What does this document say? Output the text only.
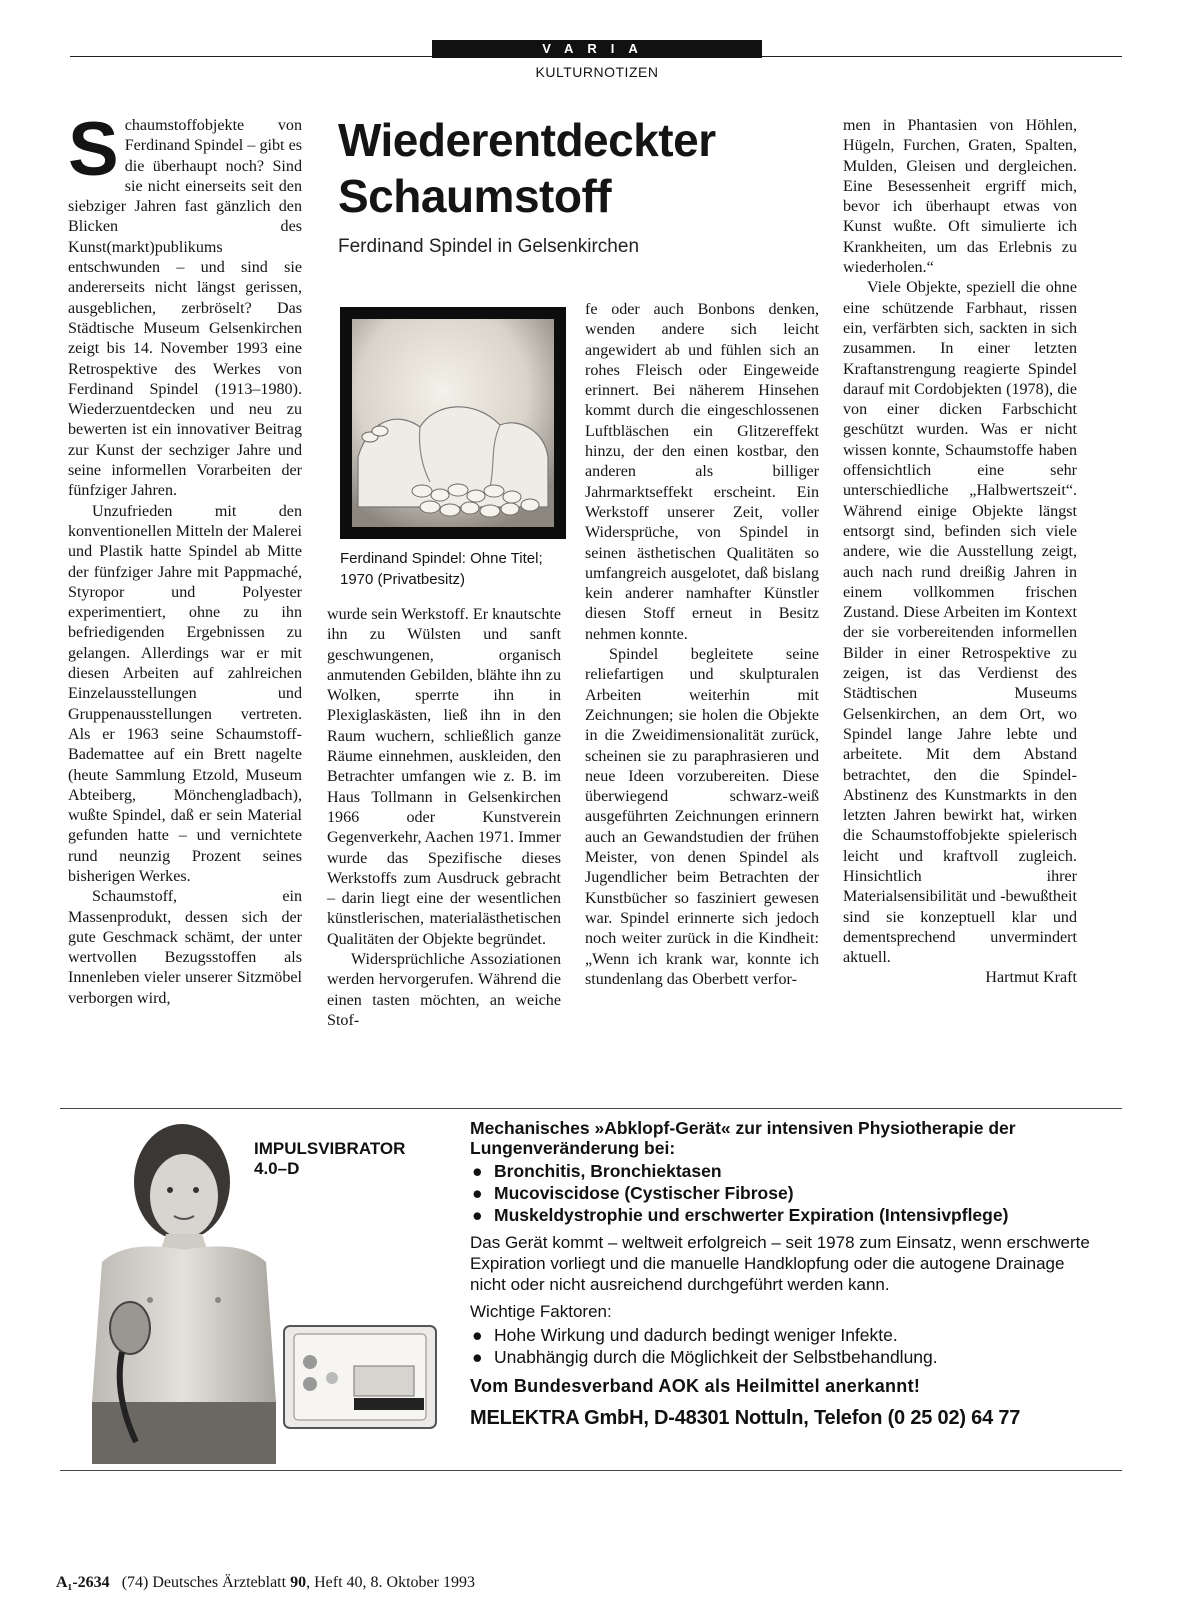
VARIA
KULTURNOTIZEN

Schaumstoffobjekte von Ferdinand Spindel – gibt es die überhaupt noch? Sind sie nicht einerseits seit den siebziger Jahren fast gänzlich den Blicken des Kunst(markt)publikums entschwunden – und sind sie andererseits nicht längst gerissen, ausgeblichen, zerbröselt? Das Städtische Museum Gelsenkirchen zeigt bis 14. November 1993 eine Retrospektive des Werkes von Ferdinand Spindel (1913–1980). Wiederzuentdecken und neu zu bewerten ist ein innovativer Beitrag zur Kunst der sechziger Jahre und seine informellen Vorarbeiten der fünfziger Jahren.

Unzufrieden mit den konventionellen Mitteln der Malerei und Plastik hatte Spindel ab Mitte der fünfziger Jahre mit Pappmaché, Styropor und Polyester experimentiert, ohne zu ihn befriedigenden Ergebnissen zu gelangen. Allerdings war er mit diesen Arbeiten auf zahlreichen Einzelausstellungen und Gruppenausstellungen vertreten. Als er 1963 seine Schaumstoff-Bademattee auf ein Brett nagelte (heute Sammlung Etzold, Museum Abteiberg, Mönchengladbach), wußte Spindel, daß er sein Material gefunden hatte – und vernichtete rund neunzig Prozent seines bisherigen Werkes.

Schaumstoff, ein Massenprodukt, dessen sich der gute Geschmack schämt, der unter wertvollen Bezugsstoffen als Innenleben vieler unserer Sitzmöbel verborgen wird,

Wiederentdeckter
Schaumstoff
Ferdinand Spindel in Gelsenkirchen
Ferdinand Spindel: Ohne Titel; 1970 (Privatbesitz)

wurde sein Werkstoff. Er knautschte ihn zu Wülsten und sanft geschwungenen, organisch anmutenden Gebilden, blähte ihn zu Wolken, sperrte ihn in Plexiglaskästen, ließ ihn in den Raum wuchern, schließlich ganze Räume einnehmen, auskleiden, den Betrachter umfangen wie z. B. im Haus Tollmann in Gelsenkirchen 1966 oder Kunstverein Gegenverkehr, Aachen 1971. Immer wurde das Spezifische dieses Werkstoffs zum Ausdruck gebracht – darin liegt eine der wesentlichen künstlerischen, materialästhetischen Qualitäten der Objekte begründet.

Widersprüchliche Assoziationen werden hervorgerufen. Während die einen tasten möchten, an weiche Stof-

fe oder auch Bonbons denken, wenden andere sich leicht angewidert ab und fühlen sich an rohes Fleisch oder Eingeweide erinnert. Bei näherem Hinsehen kommt durch die eingeschlossenen Luftbläschen ein Glitzereffekt hinzu, der den einen kostbar, den anderen als billiger Jahrmarktseffekt erscheint. Ein Werkstoff unserer Zeit, voller Widersprüche, von Spindel in seinen ästhetischen Qualitäten so umfangreich ausgelotet, daß bislang kein anderer namhafter Künstler diesen Stoff erneut in Besitz nehmen konnte.

Spindel begleitete seine reliefartigen und skulpturalen Arbeiten weiterhin mit Zeichnungen; sie holen die Objekte in die Zweidimensionalität zurück, scheinen sie zu paraphrasieren und neue Ideen vorzubereiten. Diese überwiegend schwarz-weiß ausgeführten Zeichnungen erinnern auch an Gewandstudien der frühen Meister, von denen Spindel als Jugendlicher beim Betrachten der Kunstbücher so fasziniert gewesen war. Spindel erinnerte sich jedoch noch weiter zurück in die Kindheit: „Wenn ich krank war, konnte ich stundenlang das Oberbett verfor-

men in Phantasien von Höhlen, Hügeln, Furchen, Graten, Spalten, Mulden, Gleisen und dergleichen. Eine Besessenheit ergriff mich, bevor ich überhaupt etwas von Kunst wußte. Oft simulierte ich Krankheiten, um das Erlebnis zu wiederholen.“

Viele Objekte, speziell die ohne eine schützende Farbhaut, rissen ein, verfärbten sich, sackten in sich zusammen. In einer letzten Kraftanstrengung reagierte Spindel darauf mit Cordobjekten (1978), die von einer dicken Farbschicht geschützt wurden. Was er nicht wissen konnte, Schaumstoffe haben offensichtlich eine sehr unterschiedliche „Halbwertszeit“. Während einige Objekte längst entsorgt sind, befinden sich viele andere, wie die Ausstellung zeigt, auch nach rund dreißig Jahren in einem vollkommen frischen Zustand. Diese Arbeiten im Kontext der sie vorbereitenden informellen Bilder in einer Retrospektive zu zeigen, ist das Verdienst des Städtischen Museums Gelsenkirchen, an dem Ort, wo Spindel lange Jahre lebte und arbeitete. Mit dem Abstand betrachtet, den die Spindel-Abstinenz des Kunstmarkts in den letzten Jahren bewirkt hat, wirken die Schaumstoffobjekte spielerisch leicht und kraftvoll zugleich. Hinsichtlich ihrer Materialsensibilität und -bewußtheit sind sie konzeptuell klar und dementsprechend unvermindert aktuell.

Hartmut Kraft

IMPULSVIBRATOR
4.0–D
Mechanisches »Abklopf-Gerät« zur intensiven Physiotherapie der Lungenveränderung bei:
● Bronchitis, Bronchiektasen
● Mucoviscidose (Cystischer Fibrose)
● Muskeldystrophie und erschwerter Expiration (Intensivpflege)
Das Gerät kommt – weltweit erfolgreich – seit 1978 zum Einsatz, wenn erschwerte Expiration vorliegt und die manuelle Handklopfung oder die autogene Drainage nicht oder nicht ausreichend durchgeführt werden kann.
Wichtige Faktoren:
● Hohe Wirkung und dadurch bedingt weniger Infekte.
● Unabhängig durch die Möglichkeit der Selbstbehandlung.
Vom Bundesverband AOK als Heilmittel anerkannt!
MELEKTRA GmbH, D-48301 Nottuln, Telefon (0 25 02) 64 77
A₁-2634 (74) Deutsches Ärzteblatt 90, Heft 40, 8. Oktober 1993
